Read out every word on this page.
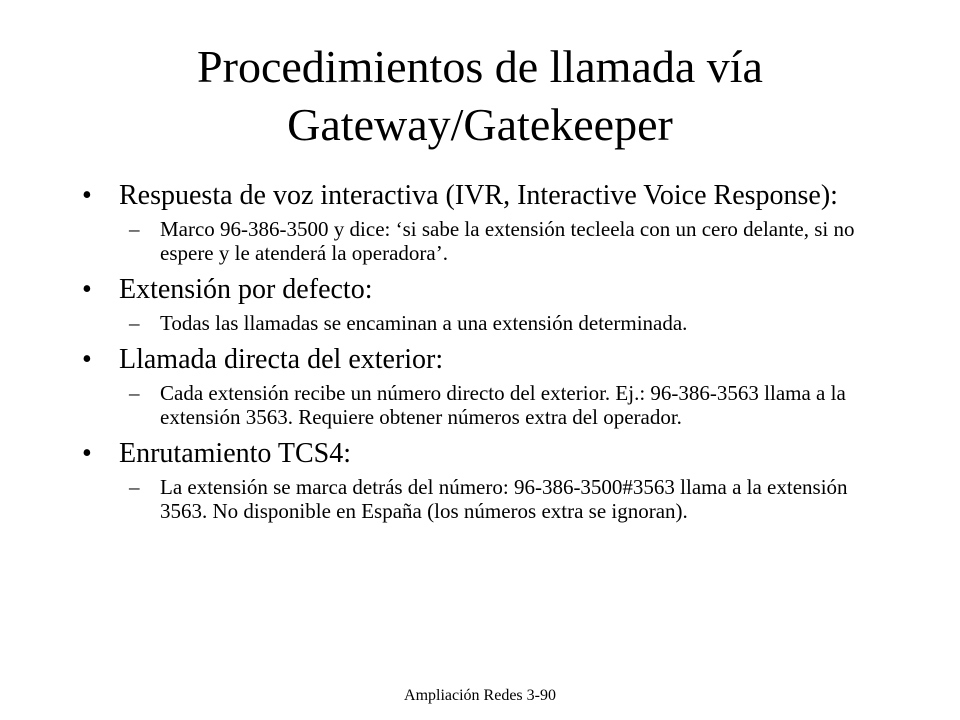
Procedimientos de llamada vía
Gateway/Gatekeeper
• Respuesta de voz interactiva (IVR, Interactive Voice Response):
– Marco 96-386-3500 y dice: ‘si sabe la extensión tecleela con un cero delante, si no espere y le atenderá la operadora’.
• Extensión por defecto:
– Todas las llamadas se encaminan a una extensión determinada.
• Llamada directa del exterior:
– Cada extensión recibe un número directo del exterior. Ej.: 96-386-3563 llama a la extensión 3563. Requiere obtener números extra del operador.
• Enrutamiento TCS4:
– La extensión se marca detrás del número: 96-386-3500#3563 llama a la extensión 3563. No disponible en España (los números extra se ignoran).
Ampliación Redes 3-90
